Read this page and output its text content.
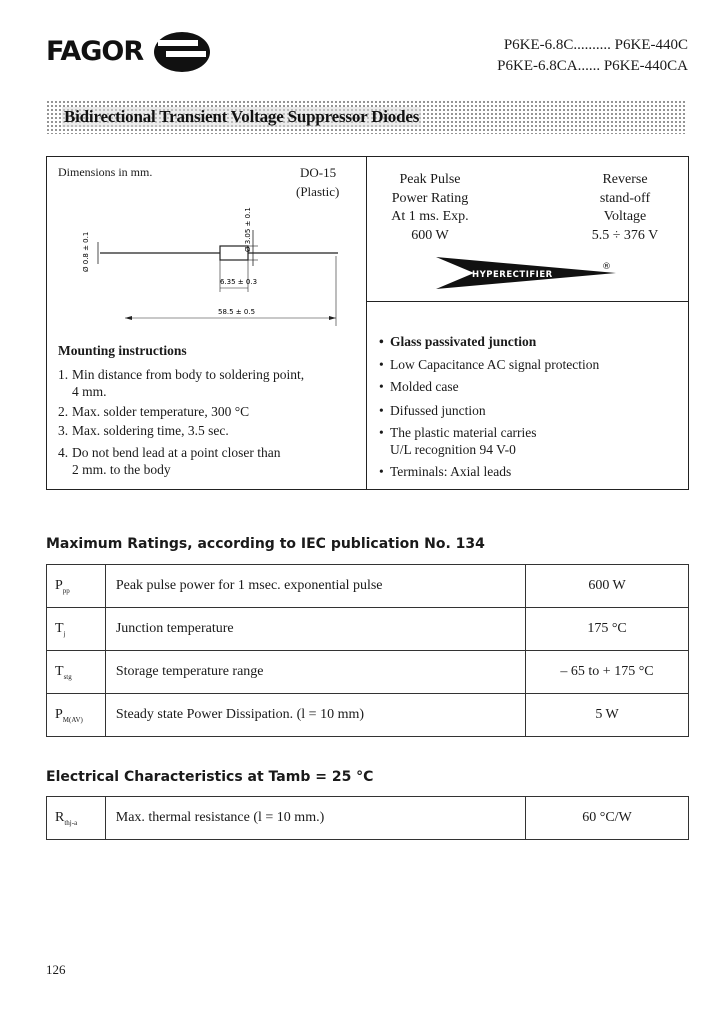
FAGOR	P6KE-6.8C.......... P6KE-440C
P6KE-6.8CA...... P6KE-440CA
Bidirectional Transient Voltage Suppressor Diodes
Dimensions in mm.	DO-15
(Plastic)
Ø 0.8 ± 0.1	Ø 3.05 ± 0.1
6.35 ± 0.3
58.5 ± 0.5
Peak Pulse
Power Rating
At 1 ms. Exp.
600 W
Reverse
stand-off
Voltage
5.5 ÷ 376 V
HYPERECTIFIER
®
Mounting instructions
1. Min distance from body to soldering point,
4 mm.
2. Max. solder temperature, 300 °C
3. Max. soldering time, 3.5 sec.
4. Do not bend lead at a point closer than
2 mm. to the body
• Glass passivated junction
• Low Capacitance AC signal protection
• Molded case
• Difussed junction
• The plastic material carries
U/L recognition 94 V-0
• Terminals: Axial leads
Maximum Ratings, according to IEC publication No. 134
$P_{pp}$	Peak pulse power for 1 msec. exponential pulse	600 W
$T_j$	Junction temperature	175 °C
$T_{stg}$	Storage temperature range	– 65 to + 175 °C
$P_{M(AV)}$	Steady state Power Dissipation. (l = 10 mm)	5 W
Electrical Characteristics at Tamb = 25 °C
$R_{thj-a}$	Max. thermal resistance (l = 10 mm.)	60 °C/W
126
